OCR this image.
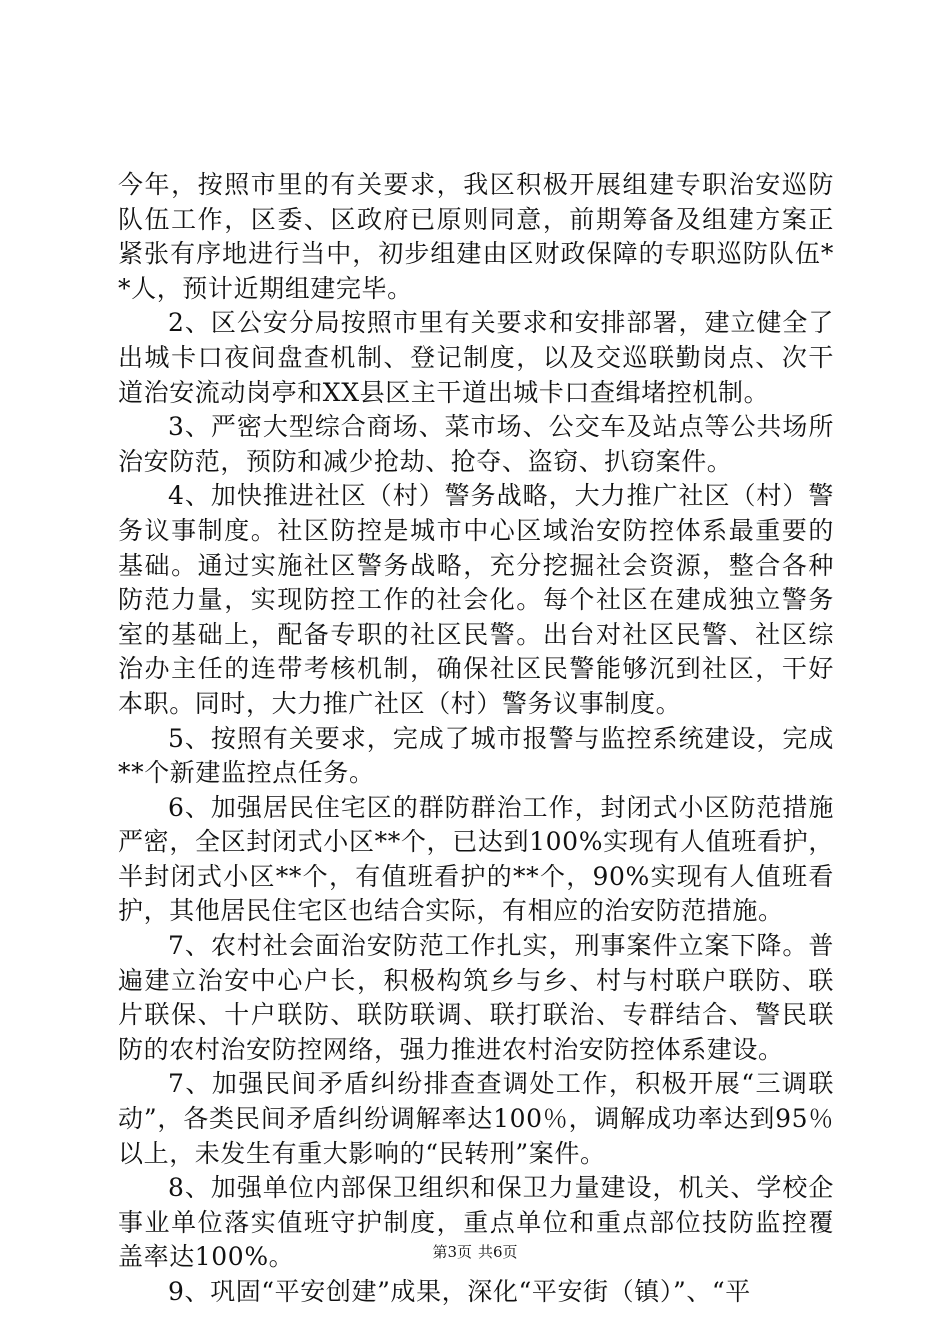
今年，按照市里的有关要求，我区积极开展组建专职治安巡防队伍工作，区委、区政府已原则同意，前期筹备及组建方案正紧张有序地进行当中，初步组建由区财政保障的专职巡防队伍**人，预计近期组建完毕。

2、区公安分局按照市里有关要求和安排部署，建立健全了出城卡口夜间盘查机制、登记制度，以及交巡联勤岗点、次干道治安流动岗亭和XX县区主干道出城卡口查缉堵控机制。

3、严密大型综合商场、菜市场、公交车及站点等公共场所治安防范，预防和减少抢劫、抢夺、盗窃、扒窃案件。

4、加快推进社区（村）警务战略，大力推广社区（村）警务议事制度。社区防控是城市中心区域治安防控体系最重要的基础。通过实施社区警务战略，充分挖掘社会资源，整合各种防范力量，实现防控工作的社会化。每个社区在建成独立警务室的基础上，配备专职的社区民警。出台对社区民警、社区综治办主任的连带考核机制，确保社区民警能够沉到社区，干好本职。同时，大力推广社区（村）警务议事制度。

5、按照有关要求，完成了城市报警与监控系统建设，完成**个新建监控点任务。

6、加强居民住宅区的群防群治工作，封闭式小区防范措施严密，全区封闭式小区**个，已达到100%实现有人值班看护，半封闭式小区**个，有值班看护的**个，90%实现有人值班看护，其他居民住宅区也结合实际，有相应的治安防范措施。

7、农村社会面治安防范工作扎实，刑事案件立案下降。普遍建立治安中心户长，积极构筑乡与乡、村与村联户联防、联片联保、十户联防、联防联调、联打联治、专群结合、警民联防的农村治安防控网络，强力推进农村治安防控体系建设。

7、加强民间矛盾纠纷排查查调处工作，积极开展“三调联动”，各类民间矛盾纠纷调解率达100％，调解成功率达到95％以上，未发生有重大影响的“民转刑”案件。

8、加强单位内部保卫组织和保卫力量建设，机关、学校企事业单位落实值班守护制度，重点单位和重点部位技防监控覆盖率达100%。

9、巩固“平安创建”成果，深化“平安街（镇）”、“平

第3页 共6页
